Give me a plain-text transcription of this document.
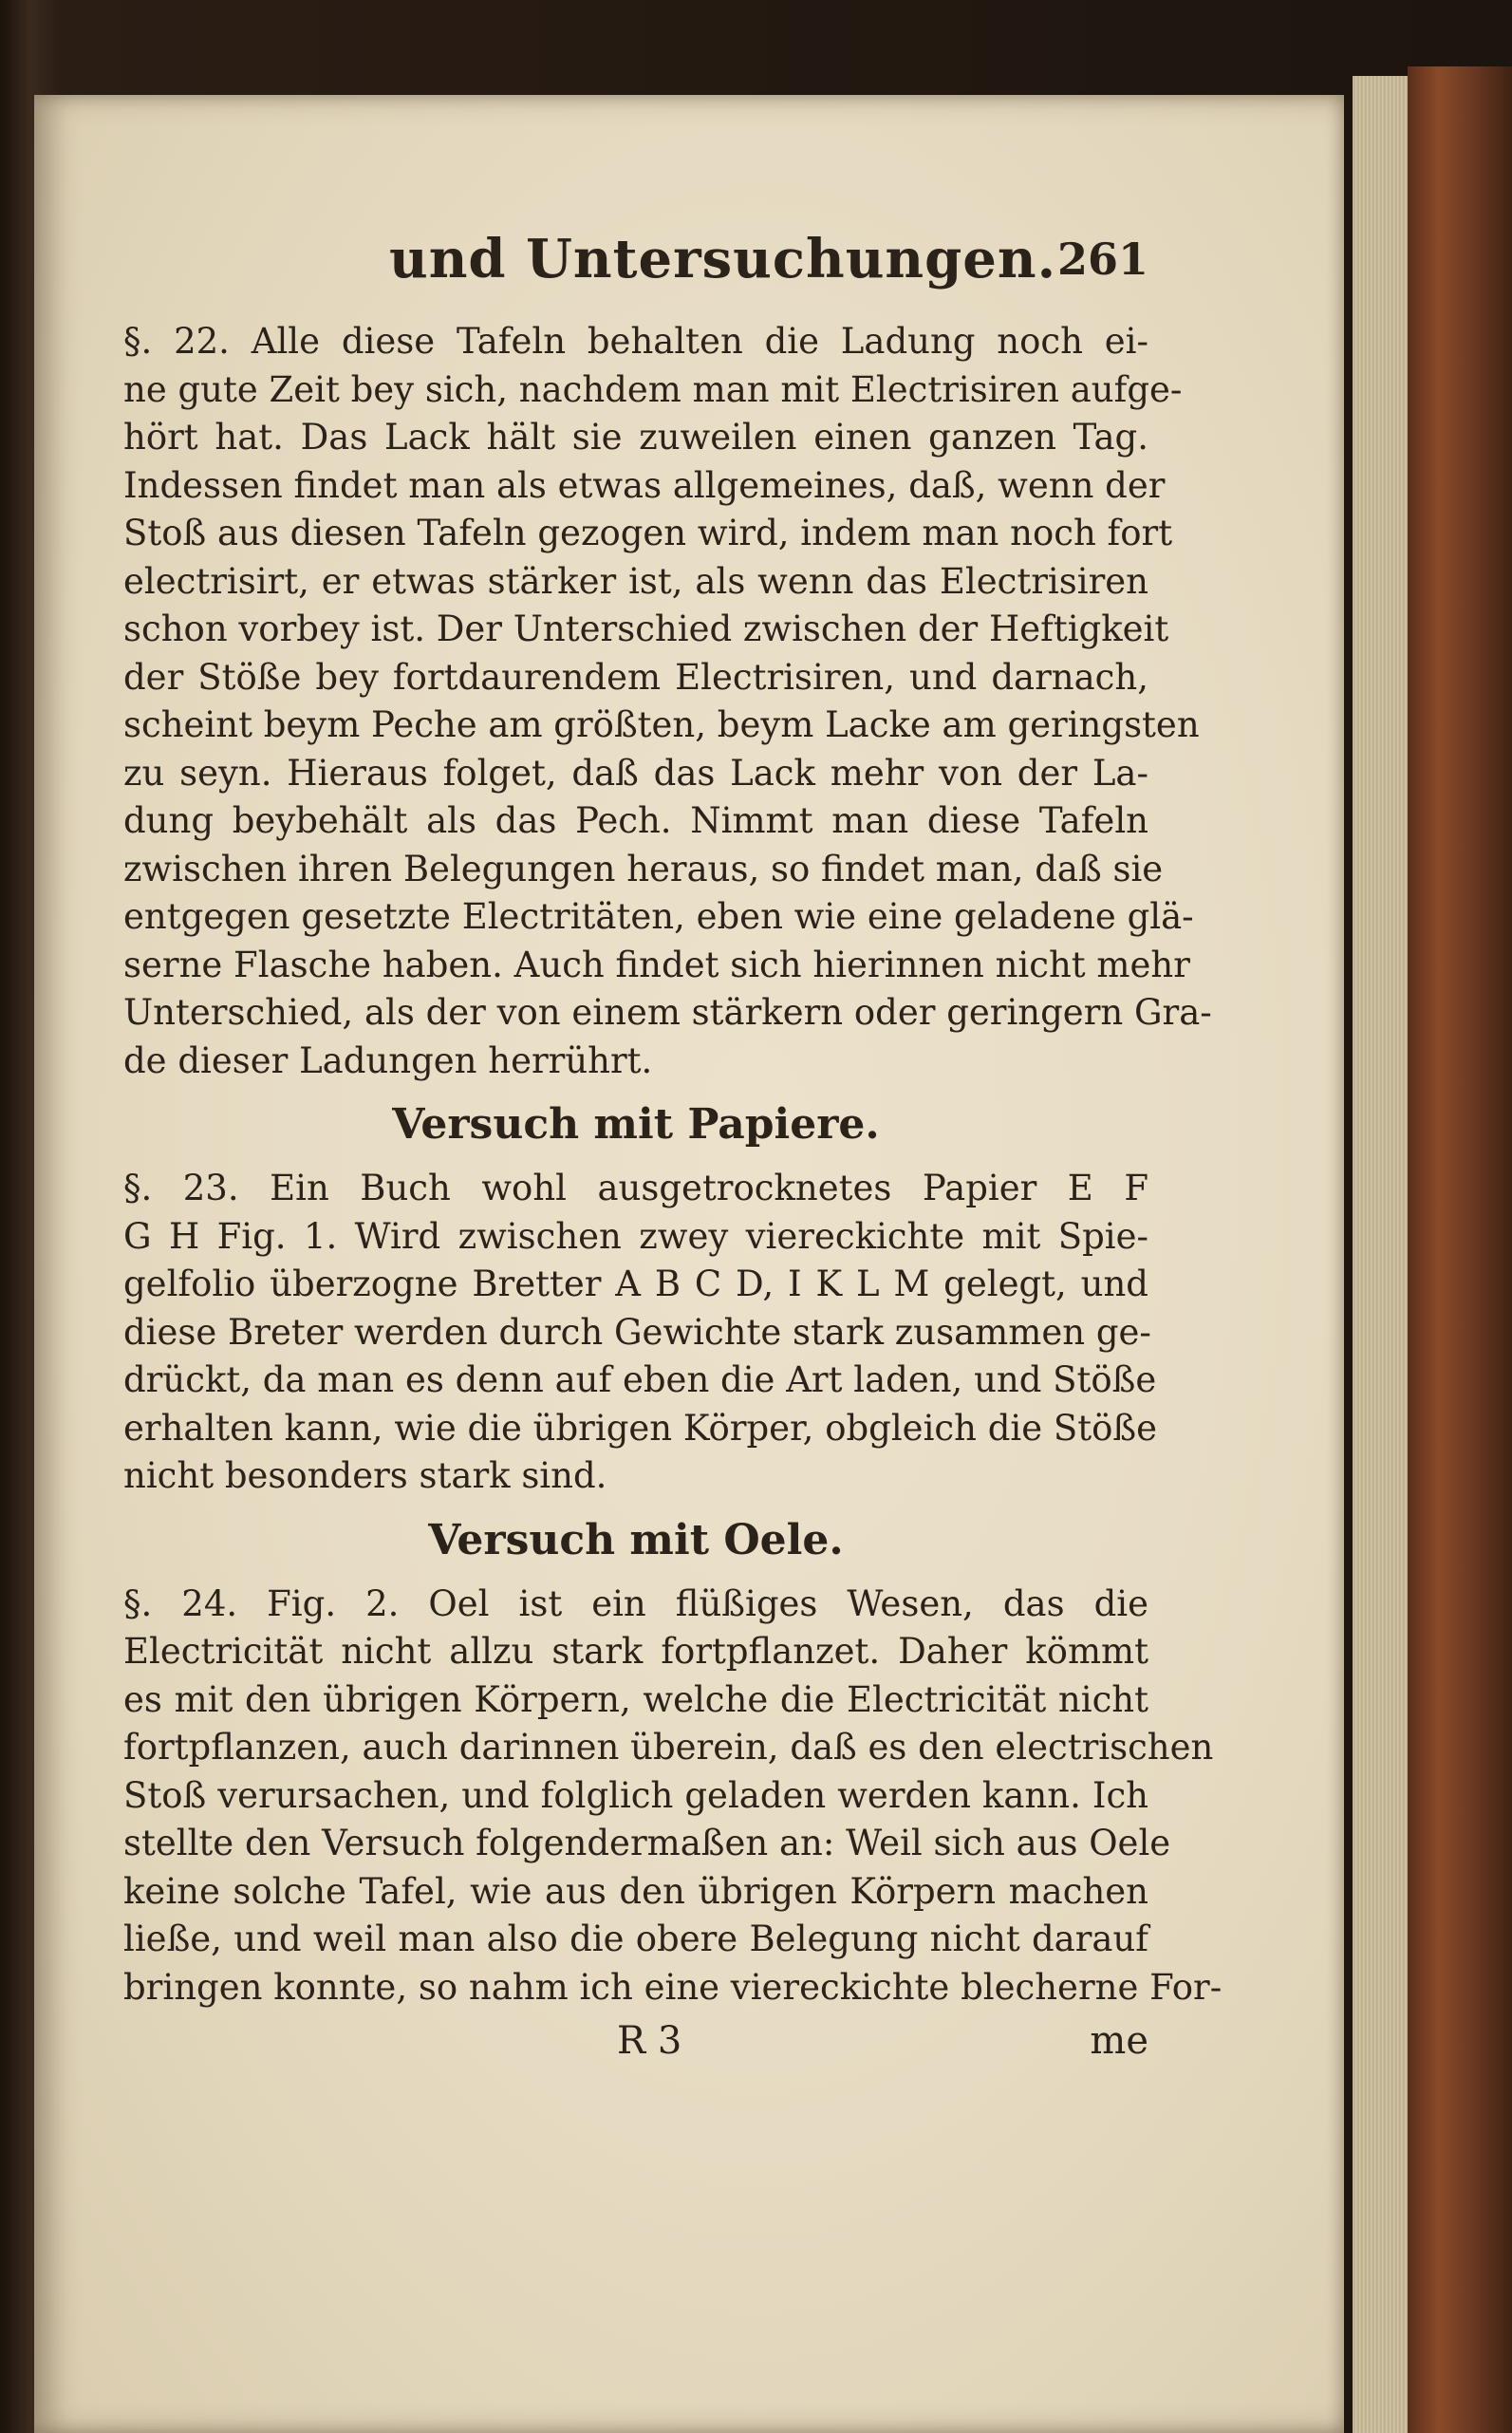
und Untersuchungen. 261
§. 22. Alle diese Tafeln behalten die Ladung noch ei-
ne gute Zeit bey sich, nachdem man mit Electrisiren aufge-
hört hat. Das Lack hält sie zuweilen einen ganzen Tag.
Indessen findet man als etwas allgemeines, daß, wenn der
Stoß aus diesen Tafeln gezogen wird, indem man noch fort
electrisirt, er etwas stärker ist, als wenn das Electrisiren
schon vorbey ist. Der Unterschied zwischen der Heftigkeit
der Stöße bey fortdaurendem Electrisiren, und darnach,
scheint beym Peche am größten, beym Lacke am geringsten
zu seyn. Hieraus folget, daß das Lack mehr von der La-
dung beybehält als das Pech. Nimmt man diese Tafeln
zwischen ihren Belegungen heraus, so findet man, daß sie
entgegen gesetzte Electritäten, eben wie eine geladene glä-
serne Flasche haben. Auch findet sich hierinnen nicht mehr
Unterschied, als der von einem stärkern oder geringern Gra-
de dieser Ladungen herrührt.
Versuch mit Papiere.
§. 23. Ein Buch wohl ausgetrocknetes Papier E F
G H Fig. 1. Wird zwischen zwey viereckichte mit Spie-
gelfolio überzogne Bretter A B C D, I K L M gelegt, und
diese Breter werden durch Gewichte stark zusammen ge-
drückt, da man es denn auf eben die Art laden, und Stöße
erhalten kann, wie die übrigen Körper, obgleich die Stöße
nicht besonders stark sind.
Versuch mit Oele.
§. 24. Fig. 2. Oel ist ein flüßiges Wesen, das die
Electricität nicht allzu stark fortpflanzet. Daher kömmt
es mit den übrigen Körpern, welche die Electricität nicht
fortpflanzen, auch darinnen überein, daß es den electrischen
Stoß verursachen, und folglich geladen werden kann. Ich
stellte den Versuch folgendermaßen an: Weil sich aus Oele
keine solche Tafel, wie aus den übrigen Körpern machen
ließe, und weil man also die obere Belegung nicht darauf
bringen konnte, so nahm ich eine viereckichte blecherne For-
R 3	me
